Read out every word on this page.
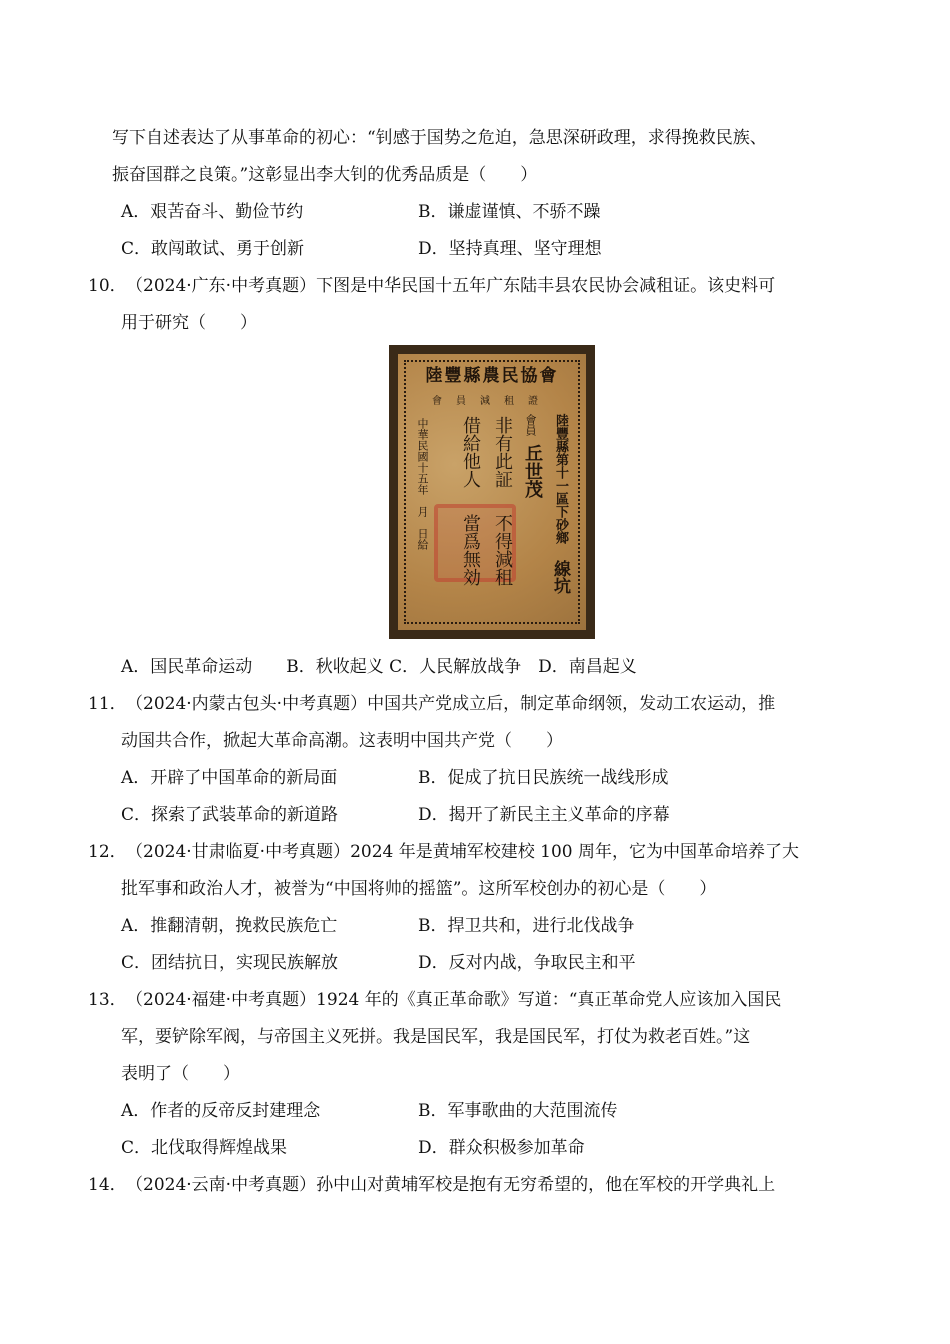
写下自述表达了从事革命的初心：“钊感于国势之危迫，急思深研政理，求得挽救民族、
振奋国群之良策。”这彰显出李大钊的优秀品质是（　　）
A．艰苦奋斗、勤俭节约	B．谦虚谨慎、不骄不躁
C．敢闯敢试、勇于创新	D．坚持真理、坚守理想
10． （2024·广东·中考真题）下图是中华民国十五年广东陆丰县农民协会减租证。该史料可
用于研究（　　）
陸豐縣農民協會
會員減租證
陸豐縣第十一區下砂鄉
線坑
會員
丘世茂
非有此証
不得減租
借給他人
當爲無効
中華民國十五年　月　日給
A．国民革命运动　　B．秋收起义 C．人民解放战争　D．南昌起义
11． （2024·内蒙古包头·中考真题）中国共产党成立后，制定革命纲领，发动工农运动，推
动国共合作，掀起大革命高潮。这表明中国共产党（　　）
A．开辟了中国革命的新局面	B．促成了抗日民族统一战线形成
C．探索了武装革命的新道路	D．揭开了新民主主义革命的序幕
12． （2024·甘肃临夏·中考真题）2024 年是黄埔军校建校 100 周年，它为中国革命培养了大
批军事和政治人才，被誉为“中国将帅的摇篮”。这所军校创办的初心是（　　）
A．推翻清朝，挽救民族危亡	B．捍卫共和，进行北伐战争
C．团结抗日，实现民族解放	D．反对内战，争取民主和平
13． （2024·福建·中考真题）1924 年的《真正革命歌》写道：“真正革命党人应该加入国民
军，要铲除军阀，与帝国主义死拼。我是国民军，我是国民军，打仗为救老百姓。”这
表明了（　　）
A．作者的反帝反封建理念	B．军事歌曲的大范围流传
C．北伐取得辉煌战果	D．群众积极参加革命
14． （2024·云南·中考真题）孙中山对黄埔军校是抱有无穷希望的，他在军校的开学典礼上
